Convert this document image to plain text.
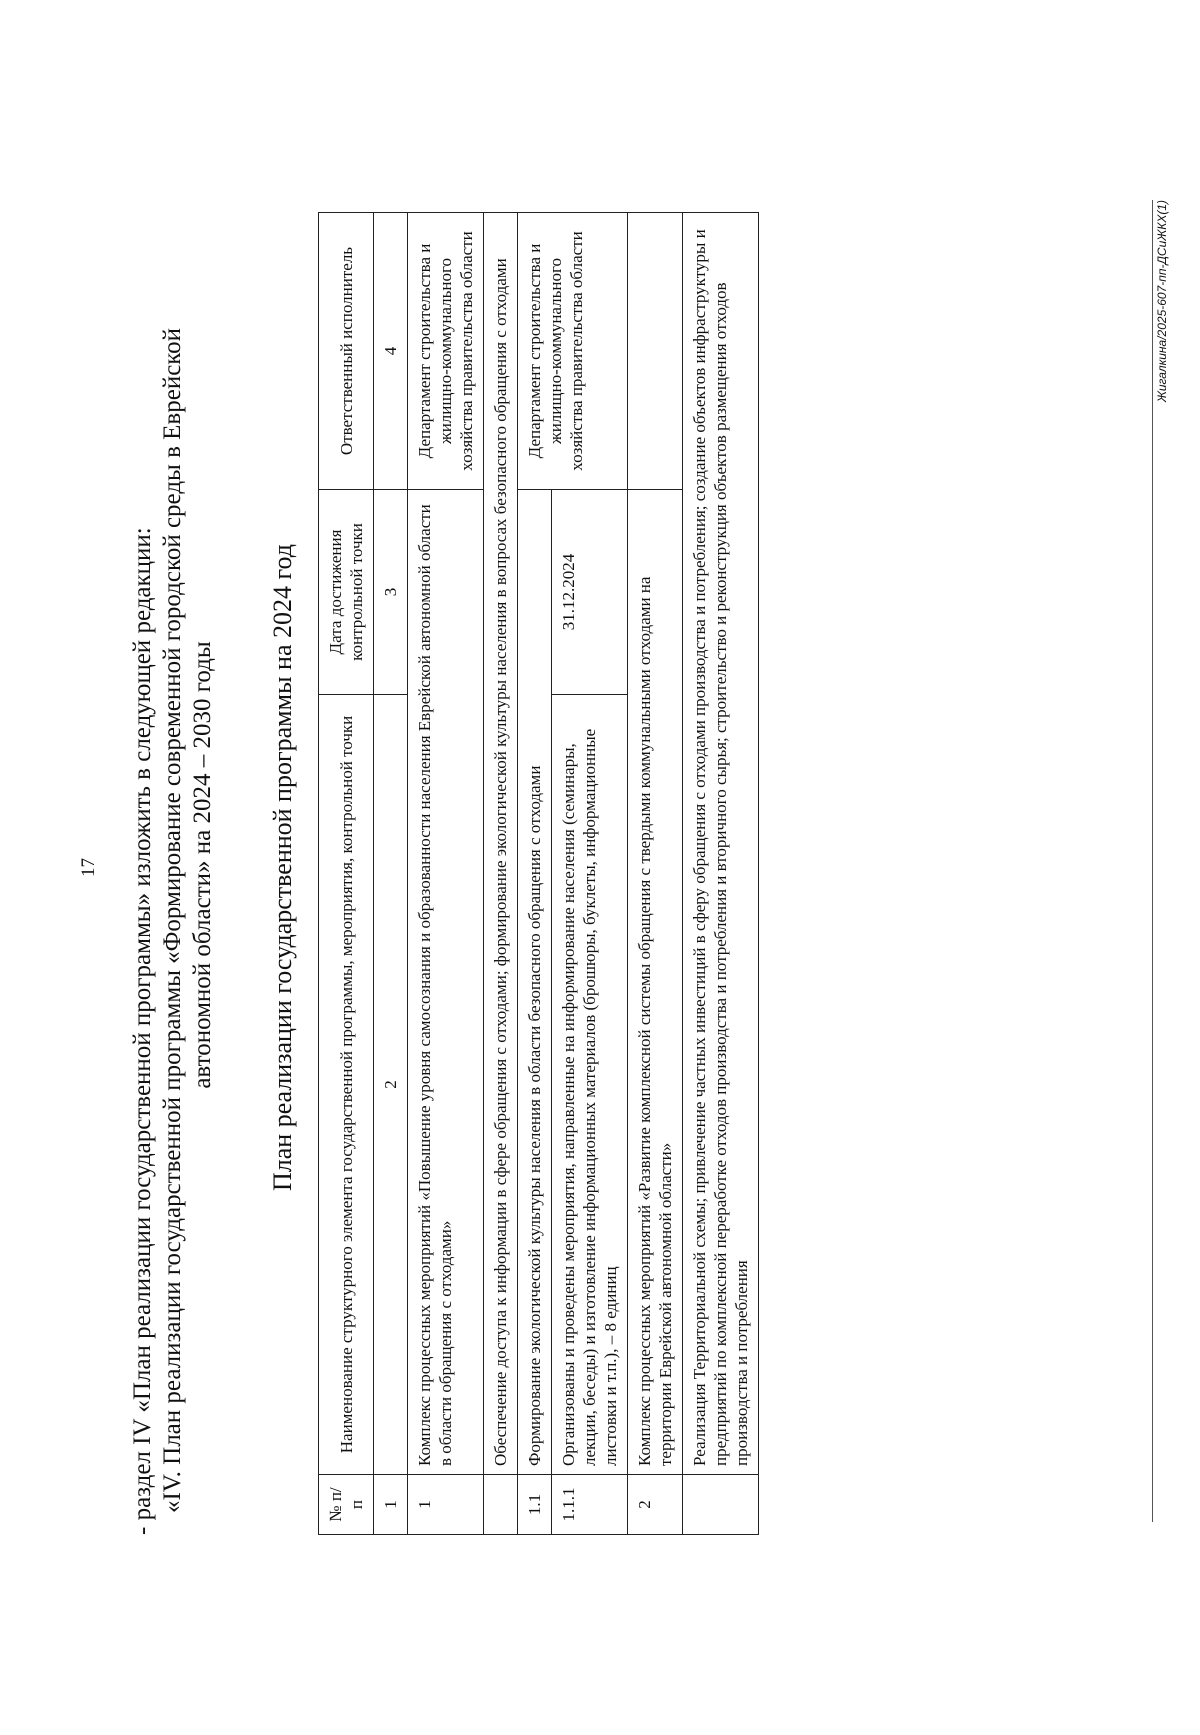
17 - раздел IV «План реализации государственной программы» изложить в следующей редакции: «IV. План реализации государственной программы «Формирование современной городской среды в Еврейской автономной области» на 2024 – 2030 годы План реализации государственной программы на 2024 год
№ п/п	Наименование структурного элемента государственной программы, мероприятия, контрольной точки	Дата достижения контрольной точки	Ответственный исполнитель
1	2	3	4
1	Комплекс процессных мероприятий «Повышение уровня самосознания и образованности населения Еврейской автономной области в области обращения с отходами»		Департамент строительства и жилищно-коммунального хозяйства правительства области
	Обеспечение доступа к информации в сфере обращения с отходами; формирование экологической культуры населения в вопросах безопасного обращения с отходами		
1.1	Формирование экологической культуры населения в области безопасного обращения с отходами		Департамент строительства и жилищно-коммунального хозяйства правительства области
1.1.1	Организованы и проведены мероприятия, направленные на информирование населения (семинары, лекции, беседы) и изготовление информационных материалов (брошюры, буклеты, информационные листовки и т.п.), – 8 единиц	31.12.2024	
2	Комплекс процессных мероприятий «Развитие комплексной системы обращения с твердыми коммунальными отходами на территории Еврейской автономной области»		
	Реализация Территориальной схемы; привлечение частных инвестиций в сферу обращения с отходами производства и потребления; создание объектов инфраструктуры и предприятий по комплексной переработке отходов производства и потребления и вторичного сырья; строительство и реконструкция объектов размещения отходов производства и потребления		
Жигалкина/2025-607-пп-ДСиЖКХ(1)
